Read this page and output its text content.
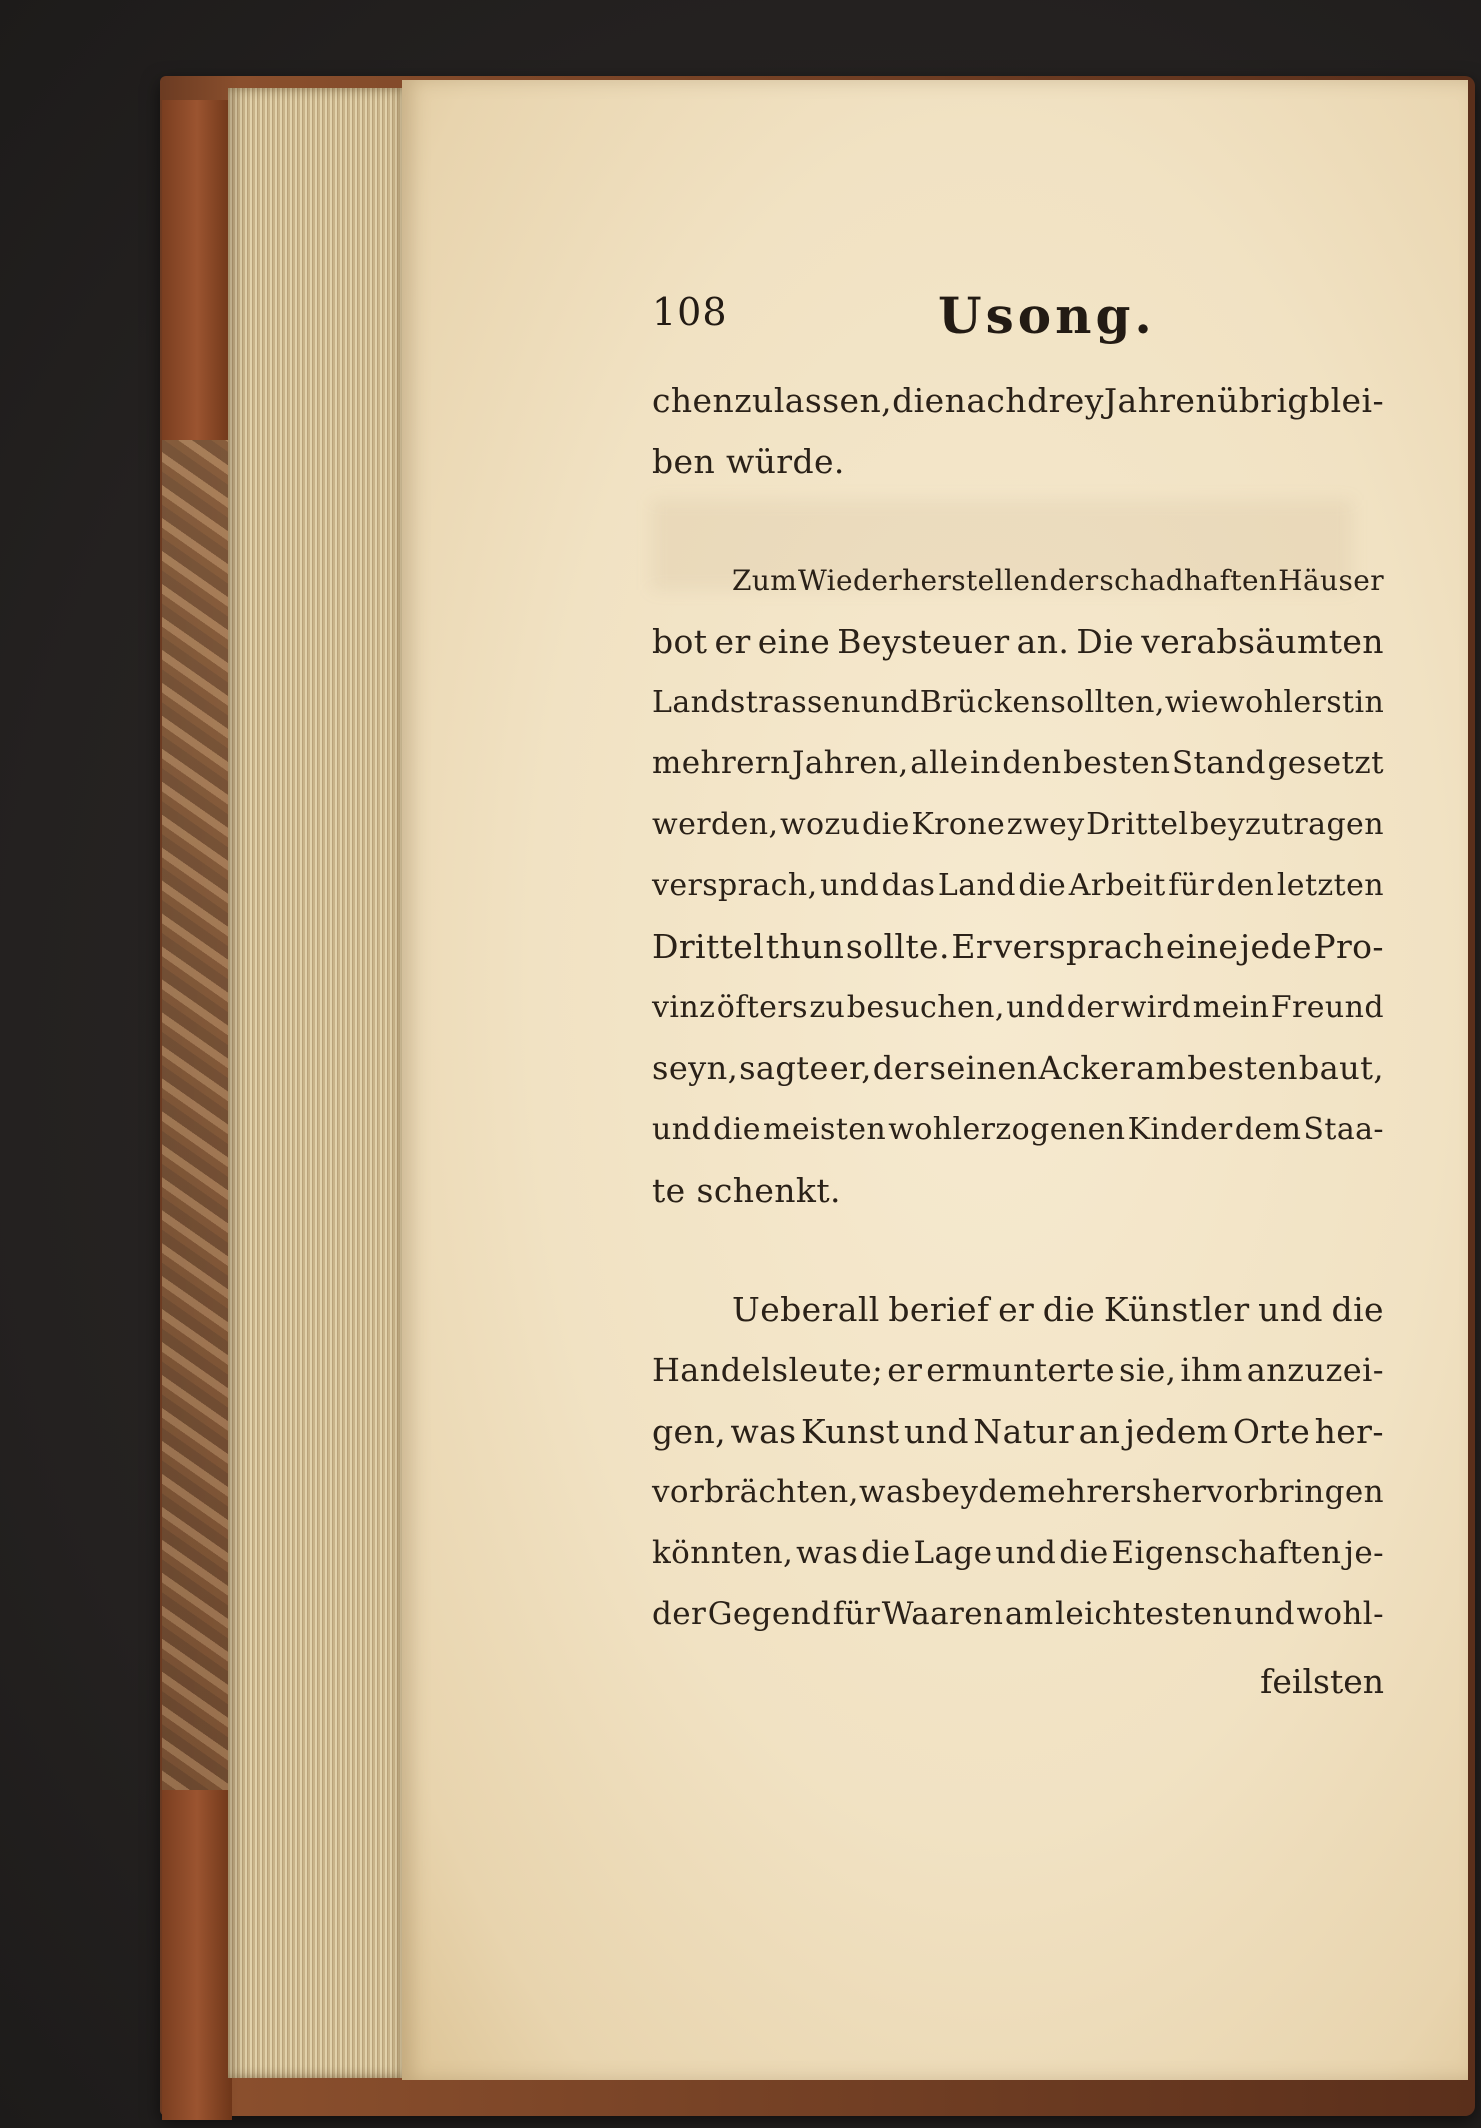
108	Usong.
chen zu lassen, die nach drey Jahren übrig blei-
ben würde.
Zum Wiederherstellen der schadhaften Häuser
bot er eine Beysteuer an. Die verabsäumten
Landstrassen und Brücken sollten, wiewohl erst in
mehrern Jahren, alle in den besten Stand gesetzt
werden, wozu die Krone zwey Drittel beyzutragen
versprach, und das Land die Arbeit für den letzten
Drittel thun sollte. Er versprach eine jede Pro-
vinz öfters zu besuchen, und der wird mein Freund
seyn, sagte er, der seinen Acker am besten baut,
und die meisten wohlerzogenen Kinder dem Staa-
te schenkt.
Ueberall berief er die Künstler und die
Handelsleute; er ermunterte sie, ihm anzuzei-
gen, was Kunst und Natur an jedem Orte her-
vorbrächten, was beyde mehrers hervorbringen
könnten, was die Lage und die Eigenschaften je-
der Gegend für Waaren am leichtesten und wohl-
feilsten
